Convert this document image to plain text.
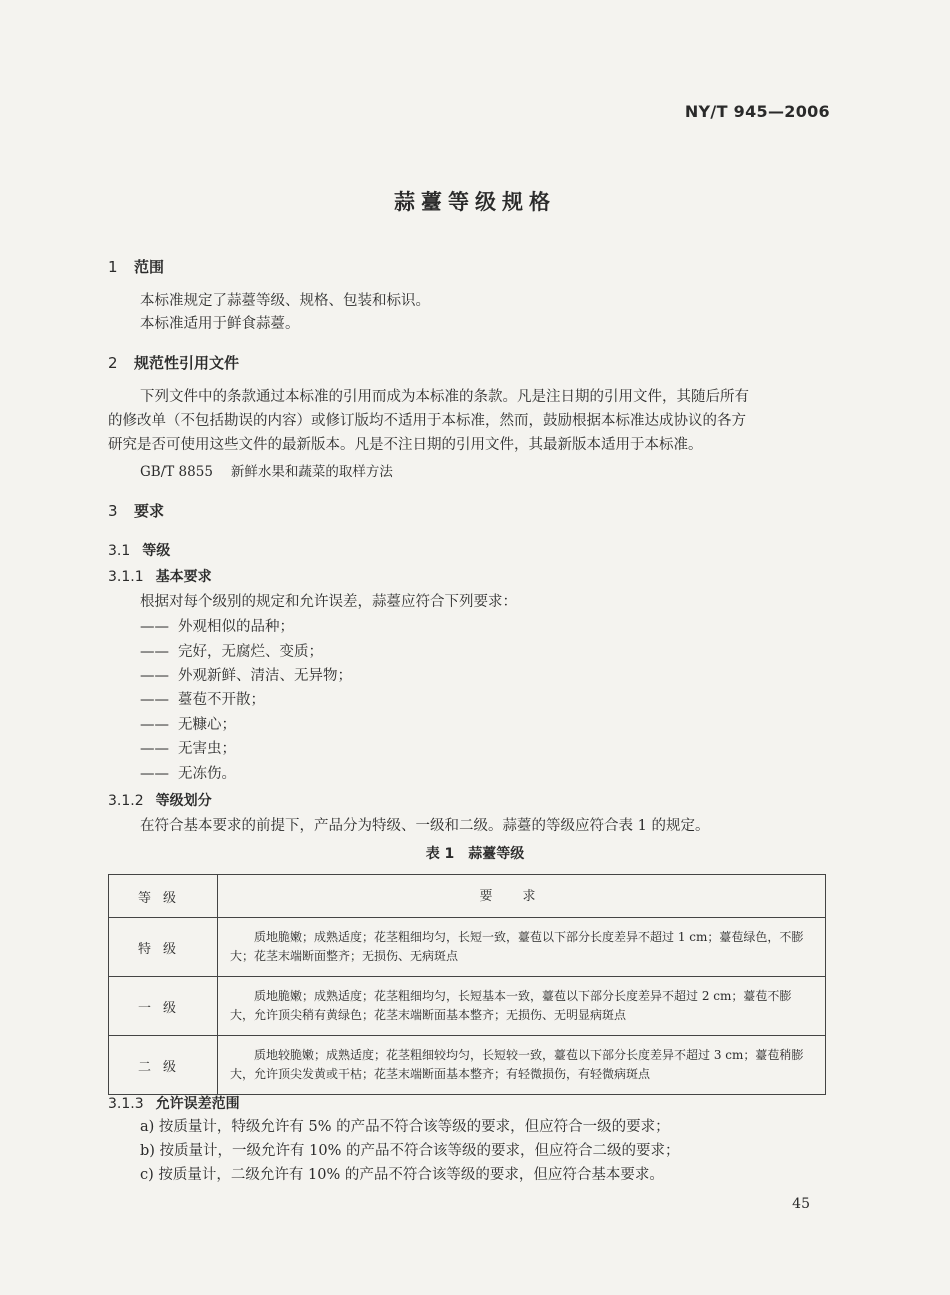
NY/T 945—2006
蒜薹等级规格
1 范围
本标准规定了蒜薹等级、规格、包装和标识。
本标准适用于鲜食蒜薹。
2 规范性引用文件
下列文件中的条款通过本标准的引用而成为本标准的条款。凡是注日期的引用文件，其随后所有
的修改单（不包括勘误的内容）或修订版均不适用于本标准，然而，鼓励根据本标准达成协议的各方
研究是否可使用这些文件的最新版本。凡是不注日期的引用文件，其最新版本适用于本标准。
GB/T 8855 新鲜水果和蔬菜的取样方法
3 要求
3.1 等级
3.1.1 基本要求
根据对每个级别的规定和允许误差，蒜薹应符合下列要求：
—— 外观相似的品种；
—— 完好，无腐烂、变质；
—— 外观新鲜、清洁、无异物；
—— 薹苞不开散；
—— 无糠心；
—— 无害虫；
—— 无冻伤。
3.1.2 等级划分
在符合基本要求的前提下，产品分为特级、一级和二级。蒜薹的等级应符合表 1 的规定。
表 1　蒜薹等级
等级	要求
特级	质地脆嫩；成熟适度；花茎粗细均匀，长短一致，薹苞以下部分长度差异不超过 1 cm；薹苞绿色，不膨大；花茎末端断面整齐；无损伤、无病斑点
一级	质地脆嫩；成熟适度；花茎粗细均匀，长短基本一致，薹苞以下部分长度差异不超过 2 cm；薹苞不膨大，允许顶尖稍有黄绿色；花茎末端断面基本整齐；无损伤、无明显病斑点
二级	质地较脆嫩；成熟适度；花茎粗细较均匀，长短较一致，薹苞以下部分长度差异不超过 3 cm；薹苞稍膨大，允许顶尖发黄或干枯；花茎末端断面基本整齐；有轻微损伤，有轻微病斑点
3.1.3 允许误差范围
a) 按质量计，特级允许有 5% 的产品不符合该等级的要求，但应符合一级的要求；
b) 按质量计，一级允许有 10% 的产品不符合该等级的要求，但应符合二级的要求；
c) 按质量计，二级允许有 10% 的产品不符合该等级的要求，但应符合基本要求。
45
